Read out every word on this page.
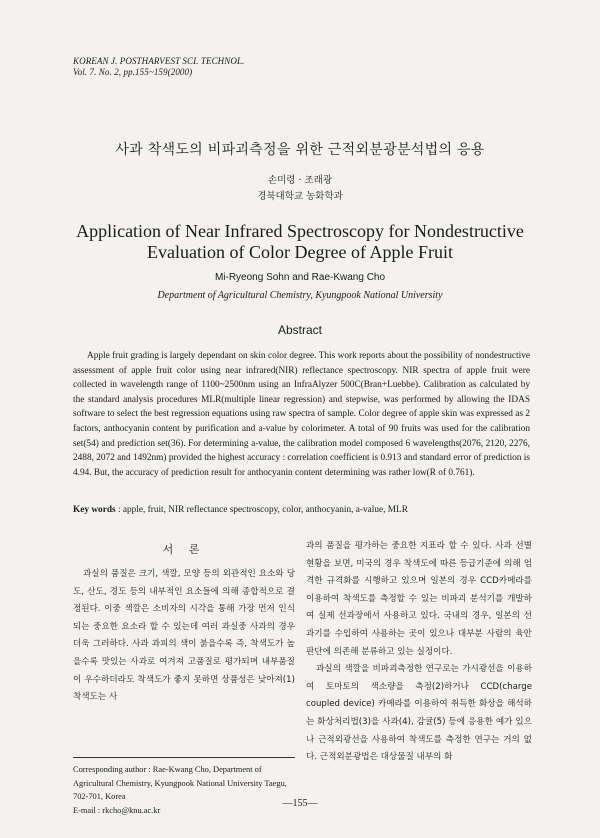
KOREAN J. POSTHARVEST SCI. TECHNOL.
Vol. 7. No. 2, pp.155~159(2000)
사과 착색도의 비파괴측정을 위한 근적외분광분석법의 응용
손미령 · 조래광
경북대학교 농화학과
Application of Near Infrared Spectroscopy for Nondestructive
Evaluation of Color Degree of Apple Fruit
Mi-Ryeong Sohn and Rae-Kwang Cho
Department of Agricultural Chemistry, Kyungpook National University
Abstract

Apple fruit grading is largely dependant on skin color degree. This work reports about the possibility of nondestructive assessment of apple fruit color using near infrared(NIR) reflectance spectroscopy. NIR spectra of apple fruit were collected in wavelength range of 1100~2500nm using an InfraAlyzer 500C(Bran+Luebbe). Calibration as calculated by the standard analysis procedures MLR(multiple linear regression) and stepwise, was performed by allowing the IDAS software to select the best regression equations using raw spectra of sample. Color degree of apple skin was expressed as 2 factors, anthocyanin content by purification and a-value by colorimeter. A total of 90 fruits was used for the calibration set(54) and prediction set(36). For determining a-value, the calibration model composed 6 wavelengths(2076, 2120, 2276, 2488, 2072 and 1492nm) provided the highest accuracy : correlation coefficient is 0.913 and standard error of prediction is 4.94. But, the accuracy of prediction result for anthocyanin content determining was rather low(R of 0.761).

Key words : apple, fruit, NIR reflectance spectroscopy, color, anthocyanin, a-value, MLR
서 론

과실의 품질은 크기, 색깔, 모양 등의 외관적인 요소와 당도, 산도, 경도 등의 내부적인 요소들에 의해 종합적으로 결정된다. 이중 색깔은 소비자의 시각을 통해 가장 먼저 인식되는 중요한 요소라 할 수 있는데 여러 과실중 사과의 경우 더욱 그러하다. 사과 과피의 색이 붉을수록 즉, 착색도가 높을수록 맛있는 사과로 여겨져 고품질로 평가되며 내부품질이 우수하더라도 착색도가 좋지 못하면 상품성은 낮아져(1) 착색도는 사

과의 품질을 평가하는 중요한 지표라 할 수 있다. 사과 선별현황을 보면, 미국의 경우 착색도에 따른 등급기준에 의해 엄격한 규격화를 시행하고 있으며 일본의 경우 CCD카메라를 이용하여 착색도를 측정할 수 있는 비파괴 분석기를 개발하여 실제 선과장에서 사용하고 있다. 국내의 경우, 일본의 선과기를 수입하여 사용하는 곳이 있으나 대부분 사람의 육안판단에 의존해 분류하고 있는 실정이다.

과실의 색깔을 비파괴측정한 연구로는 가시광선을 이용하여 토마토의 색소량을 측정(2)하거나 CCD(charge coupled device) 카메라를 이용하여 취득한 화상을 해석하는 화상처리법(3)을 사과(4), 감귤(5) 등에 응용한 예가 있으나 근적외광선을 사용하여 착색도를 측정한 연구는 거의 없다. 근적외분광법은 대상물질 내부의 화

Corresponding author : Rae-Kwang Cho, Department of Agricultural Chemistry, Kyungpook National University Taegu, 702-701, Korea

E-mail : rkcho@knu.ac.kr

—155—
